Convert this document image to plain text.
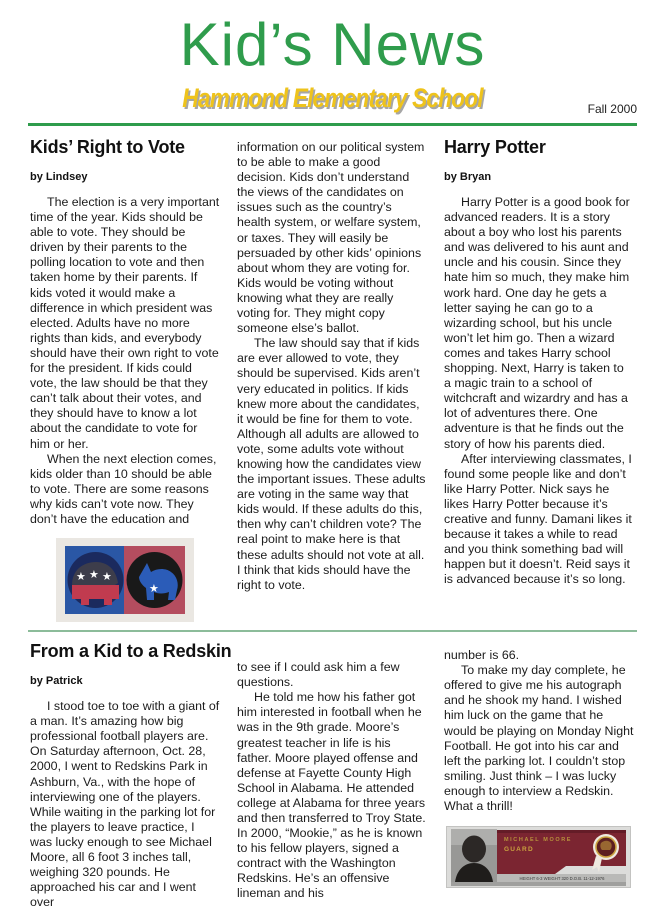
Kid’s News
Hammond Elementary School	Fall 2000
Kids’ Right to Vote

by Lindsey

The election is a very important time of the year. Kids should be able to vote. They should be driven by their parents to the polling location to vote and then taken home by their parents. If kids voted it would make a difference in which president was elected. Adults have no more rights than kids, and everybody should have their own right to vote for the president. If kids could vote, the law should be that they can’t talk about their votes, and they should have to know a lot about the candidate to vote for him or her.

When the next election comes, kids older than 10 should be able to vote. There are some reasons why kids can’t vote now. They don’t have the education and

★ ★ ★
★

information on our political system to be able to make a good decision. Kids don’t understand the views of the candidates on issues such as the country’s health system, or welfare system, or taxes. They will easily be persuaded by other kids’ opinions about whom they are voting for. Kids would be voting without knowing what they are really voting for. They might copy someone else’s ballot.

The law should say that if kids are ever allowed to vote, they should be supervised. Kids aren’t very educated in politics. If kids knew more about the candidates, it would be fine for them to vote. Although all adults are allowed to vote, some adults vote without knowing how the candidates view the important issues. These adults are voting in the same way that kids would. If these adults do this, then why can’t children vote? The real point to make here is that these adults should not vote at all. I think that kids should have the right to vote.

Harry Potter

by Bryan

Harry Potter is a good book for advanced readers. It is a story about a boy who lost his parents and was delivered to his aunt and uncle and his cousin. Since they hate him so much, they make him work hard. One day he gets a letter saying he can go to a wizarding school, but his uncle won’t let him go. Then a wizard comes and takes Harry school shopping. Next, Harry is taken to a magic train to a school of witchcraft and wizardry and has a lot of adventures there. One adventure is that he finds out the story of how his parents died.

After interviewing classmates, I found some people like and don’t like Harry Potter. Nick says he likes Harry Potter because it’s creative and funny. Damani likes it because it takes a while to read and you think something bad will happen but it doesn’t. Reid says it is advanced because it’s so long.

From a Kid to a Redskin

by Patrick

I stood toe to toe with a giant of a man. It’s amazing how big professional football players are. On Saturday afternoon, Oct. 28, 2000, I went to Redskins Park in Ashburn, Va., with the hope of interviewing one of the players. While waiting in the parking lot for the players to leave practice, I was lucky enough to see Michael Moore, all 6 foot 3 inches tall, weighing 320 pounds. He approached his car and I went over

to see if I could ask him a few questions.

He told me how his father got him interested in football when he was in the 9th grade. Moore’s greatest teacher in life is his father. Moore played offense and defense at Fayette County High School in Alabama. He attended college at Alabama for three years and then transferred to Troy State. In 2000, “Mookie,” as he is known to his fellow players, signed a contract with the Washington Redskins. He’s an offensive lineman and his

number is 66.

To make my day complete, he offered to give me his autograph and he shook my hand. I wished him luck on the game that he would be playing on Monday Night Football. He got into his car and left the parking lot. I couldn’t stop smiling. Just think – I was lucky enough to interview a Redskin. What a thrill!

MICHAEL MOORE
GUARD
HEIGHT 6-3 WEIGHT 320 D.O.B. 11-12-1976
